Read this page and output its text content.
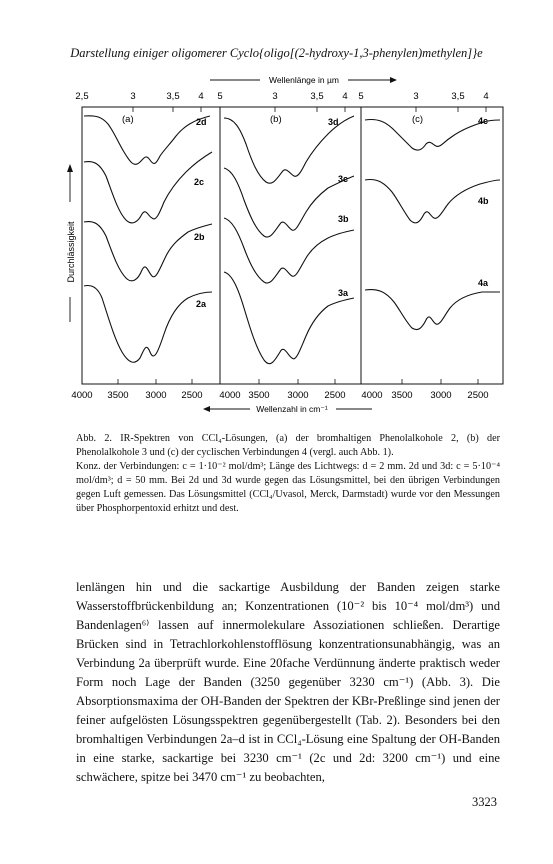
Darstellung einiger oligomerer Cyclo{oligo[(2-hydroxy-1,3-phenylen)methylen]}e
Wellenlänge in µm
2,5	3	3,5 4 5	3	3,5 4 5	3	3,5 4
(a)	(b)	(c)
Durchlässigkeit
2d
2c
2b
2a
3d
3c
3b
3a
4c
4b
4a
4000 3500 3000 2500 4000 3500 3000 2500 4000 3500 3000 2500
Wellenzahl in cm⁻¹

Abb. 2. IR-Spektren von CCl₄-Lösungen, (a) der bromhaltigen Phenolalkohole 2, (b) der Phenolalkohole 3 und (c) der cyclischen Verbindungen 4 (vergl. auch Abb. 1).

Konz. der Verbindungen: c = 1·10⁻² mol/dm³; Länge des Lichtwegs: d = 2 mm. 2d und 3d: c = 5·10⁻⁴ mol/dm³; d = 50 mm. Bei 2d und 3d wurde gegen das Lösungsmittel, bei den übrigen Verbindungen gegen Luft gemessen. Das Lösungsmittel (CCl₄/Uvasol, Merck, Darmstadt) wurde vor den Messungen über Phosphorpentoxid erhitzt und dest.

lenlängen hin und die sackartige Ausbildung der Banden zeigen starke Wasserstoffbrückenbildung an; Konzentrationen (10⁻² bis 10⁻⁴ mol/dm³) und Bandenlagen⁶⁾ lassen auf innermolekulare Assoziationen schließen. Derartige Brücken sind in Tetrachlorkohlenstofflösung konzentrationsunabhängig, was an Verbindung 2a überprüft wurde. Eine 20fache Verdünnung änderte praktisch weder Form noch Lage der Banden (3250 gegenüber 3230 cm⁻¹) (Abb. 3). Die Absorptionsmaxima der OH-Banden der Spektren der KBr-Preßlinge sind jenen der feiner aufgelösten Lösungsspektren gegenübergestellt (Tab. 2). Besonders bei den bromhaltigen Verbindungen 2a–d ist in CCl₄-Lösung eine Spaltung der OH-Banden in eine starke, sackartige bei 3230 cm⁻¹ (2c und 2d: 3200 cm⁻¹) und eine schwächere, spitze bei 3470 cm⁻¹ zu beobachten,

3323
